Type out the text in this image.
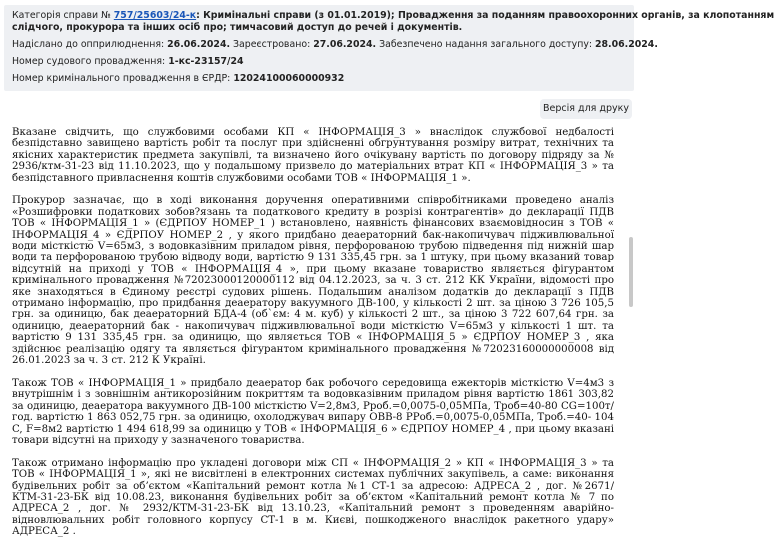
Категорія справи № 757/25603/24-к: Кримінальні справи (з 01.01.2019); Провадження за поданням правоохоронних органів, за клопотанням
слідчого, прокурора та інших осіб про; тимчасовий доступ до речей і документів.
Надіслано до опприлюднення: 26.06.2024. Зареєстровано: 27.06.2024. Забезпечено надання загального доступу: 28.06.2024.
Номер судового провадження: 1-кс-23157/24
Номер кримінального провадження в ЄРДР: 12024100060000932
Версія для друку

Вказане свідчить, що службовими особами КП « ІНФОРМАЦІЯ_3 » внаслідок службової недбалості безпідставно завищено вартість робіт та послуг при здійсненні обгрунтування розміру витрат, технічних та якісних характеристик предмета закупівлі, та визначено його очікувану вартість по договору підряду за № 2936/ктм-31-23 від 11.10.2023, що у подальшому призвело до матеріальних втрат КП « ІНФОРМАЦІЯ_3 » та безпідставного привласнення коштів службовими особами ТОВ « ІНФОРМАЦІЯ_1 ».

Прокурор зазначає, що в ході виконання доручення оперативними співробітниками проведено аналіз «Розшифровки податкових зобов?язань та податкового кредиту в розрізі контрагентів» до декларації ПДВ ТОВ « ІНФОРМАЦІЯ_1 » (ЄДРПОУ НОМЕР_1 ) встановлено, наявність фінансових взаємовідносин з ТОВ « ІНФОРМАЦІЯ_4 » ЄДРПОУ НОМЕР_2 , у якого придбано деаераторний бак-накопичувач підживлювальної води місткістю V=65м3, з водовказівним приладом рівня, перфорованою трубою підведення під нижній шар води та перфорованою трубою відводу води, вартістю 9 131 335,45 грн. за 1 штуку, при цьому вказаний товар відсутній на приході у ТОВ « ІНФОРМАЦІЯ_4 », при цьому вказане товариство являється фігурантом кримінального провадження №72023000120000112 від 04.12.2023, за ч. 3 ст. 212 КК України, відомості про яке знаходяться в Єдиному реєстрі судових рішень. Подальшим аналізом додатків до декларації з ПДВ отримано інформацію, про придбання деаератору вакуумного ДВ-100, у кількості 2 шт. за ціною 3 726 105,5 грн. за одиницю, бак деаераторний БДА-4 (об`єм: 4 м. куб) у кількості 2 шт., за ціною 3 722 607,64 грн. за одиницю, деаераторний бак - накопичувач підживлювальної води місткістю V=65м3 у кількості 1 шт. та вартістю 9 131 335,45 грн. за одиницю, що являється ТОВ « ІНФОРМАЦІЯ_5 » ЄДРПОУ НОМЕР_3 , яка здійснює реалізацію одягу та являється фігурантом кримінального провадження №72023160000000008 від 26.01.2023 за ч. 3 ст. 212 К Україні.

Також ТОВ « ІНФОРМАЦІЯ_1 » придбало деаератор бак робочого середовища ежекторів місткістю V=4м3 з внутрішнім і з зовнішнім антикорозійним покриттям та водовказівним приладом рівня вартістю 1861 303,82 за одиницю, деаератора вакуумного ДВ-100 місткістю V=2,8м3, Рроб.=0,0075-0,05МПа, Троб=40-80 CG=100т/год. вартістю 1 863 052,75 грн. за одиницю, охолоджувач випару ОВВ-8 РРоб.=0,0075-0,05МПа, Троб.=40- 104 C, F=8м2 вартістю 1 494 618,99 за одиницю у ТОВ « ІНФОРМАЦІЯ_6 » ЄДРПОУ НОМЕР_4 , при цьому вказані товари відсутні на приходу у зазначеного товариства.

Також отримано інформацію про укладені договори між СП « ІНФОРМАЦІЯ_2 » КП « ІНФОРМАЦІЯ_3 » та ТОВ « ІНФОРМАЦІЯ_1 », які не висвітлені в електронних системах публічних закупівель, а саме: виконання будівельних робіт за об’єктом «Капітальний ремонт котла №1 СТ-1 за адресою: АДРЕСА_2 , дог. №2671/КТМ-31-23-БК від 10.08.23, виконання будівельних робіт за об’єктом «Капітальний ремонт котла № 7 по АДРЕСА_2 , дог. № 2932/КТМ-31-23-БК від 13.10.23, «Капітальний ремонт з проведенням аварійно-відновлювальних робіт головного корпусу СТ-1 в м. Києві, пошкодженого внаслідок ракетного удару» АДРЕСА_2 .
